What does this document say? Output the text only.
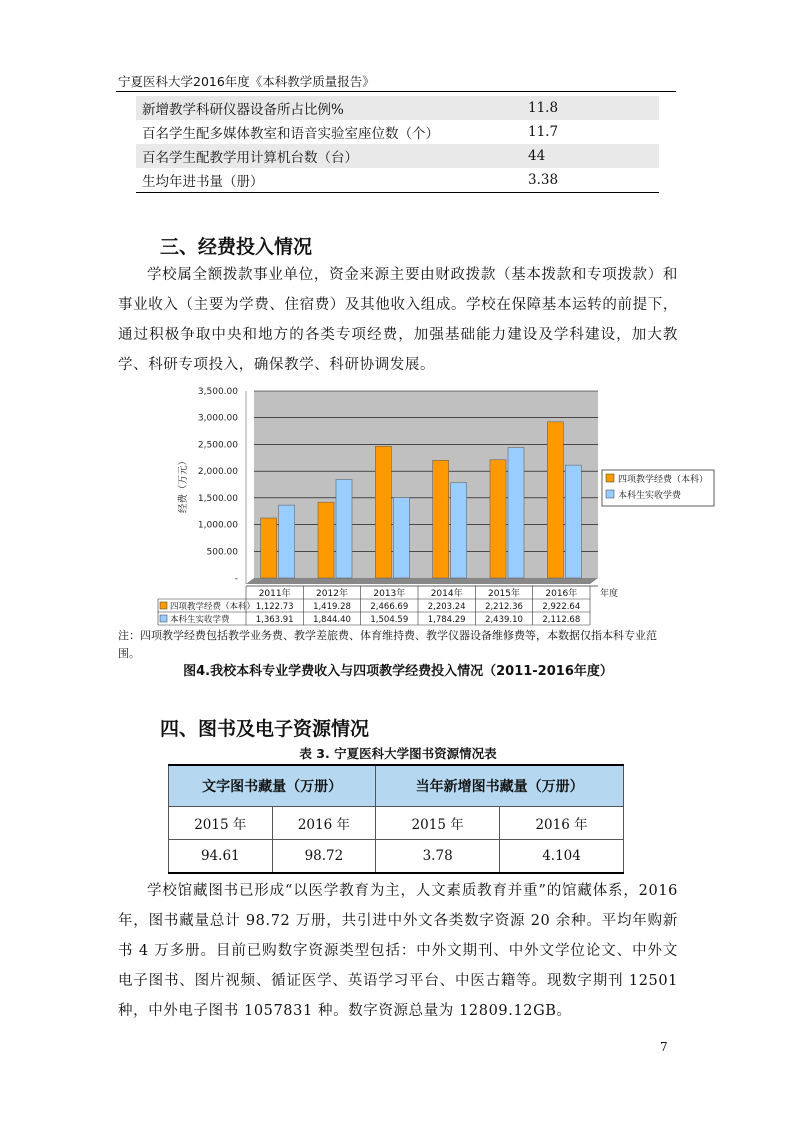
宁夏医科大学2016年度《本科教学质量报告》
新增教学科研仪器设备所占比例%	11.8
百名学生配多媒体教室和语音实验室座位数（个）	11.7
百名学生配教学用计算机台数（台）	44
生均年进书量（册）	3.38
三、经费投入情况

学校属全额拨款事业单位，资金来源主要由财政拨款（基本拨款和专项拨款）和事业收入（主要为学费、住宿费）及其他收入组成。学校在保障基本运转的前提下，通过积极争取中央和地方的各类专项经费，加强基础能力建设及学科建设，加大教学、科研专项投入，确保教学、科研协调发展。

3,500.00
3,000.00
2,500.00
2,000.00
1,500.00
1,000.00
500.00
-
经费（万元）	四项教学经费（本科）
本科生实收学费
2011年	2012年	2013年	2014年	2015年	2016年	年度
四项教学经费（本科） 1,122.73 1,419.28 2,466.69 2,203.24 2,212.36 2,922.64
本科生实收学费	1,363.91 1,844.40 1,504.59 1,784.29 2,439.10 2,112.68
注：四项教学经费包括教学业务费、教学差旅费、体育维持费、教学仪器设备维修费等，本数据仅指本科专业范围。
图4.我校本科专业学费收入与四项教学经费投入情况（2011-2016年度）
四、图书及电子资源情况
表 3. 宁夏医科大学图书资源情况表
文字图书藏量（万册）		当年新增图书藏量（万册）	
2015 年	2016 年	2015 年	2016 年
94.61	98.72	3.78	4.104

学校馆藏图书已形成“以医学教育为主，人文素质教育并重”的馆藏体系，2016 年，图书藏量总计 98.72 万册，共引进中外文各类数字资源 20 余种。平均年购新书 4 万多册。目前已购数字资源类型包括：中外文期刊、中外文学位论文、中外文电子图书、图片视频、循证医学、英语学习平台、中医古籍等。现数字期刊 12501 种，中外电子图书 1057831 种。数字资源总量为 12809.12GB。

7
